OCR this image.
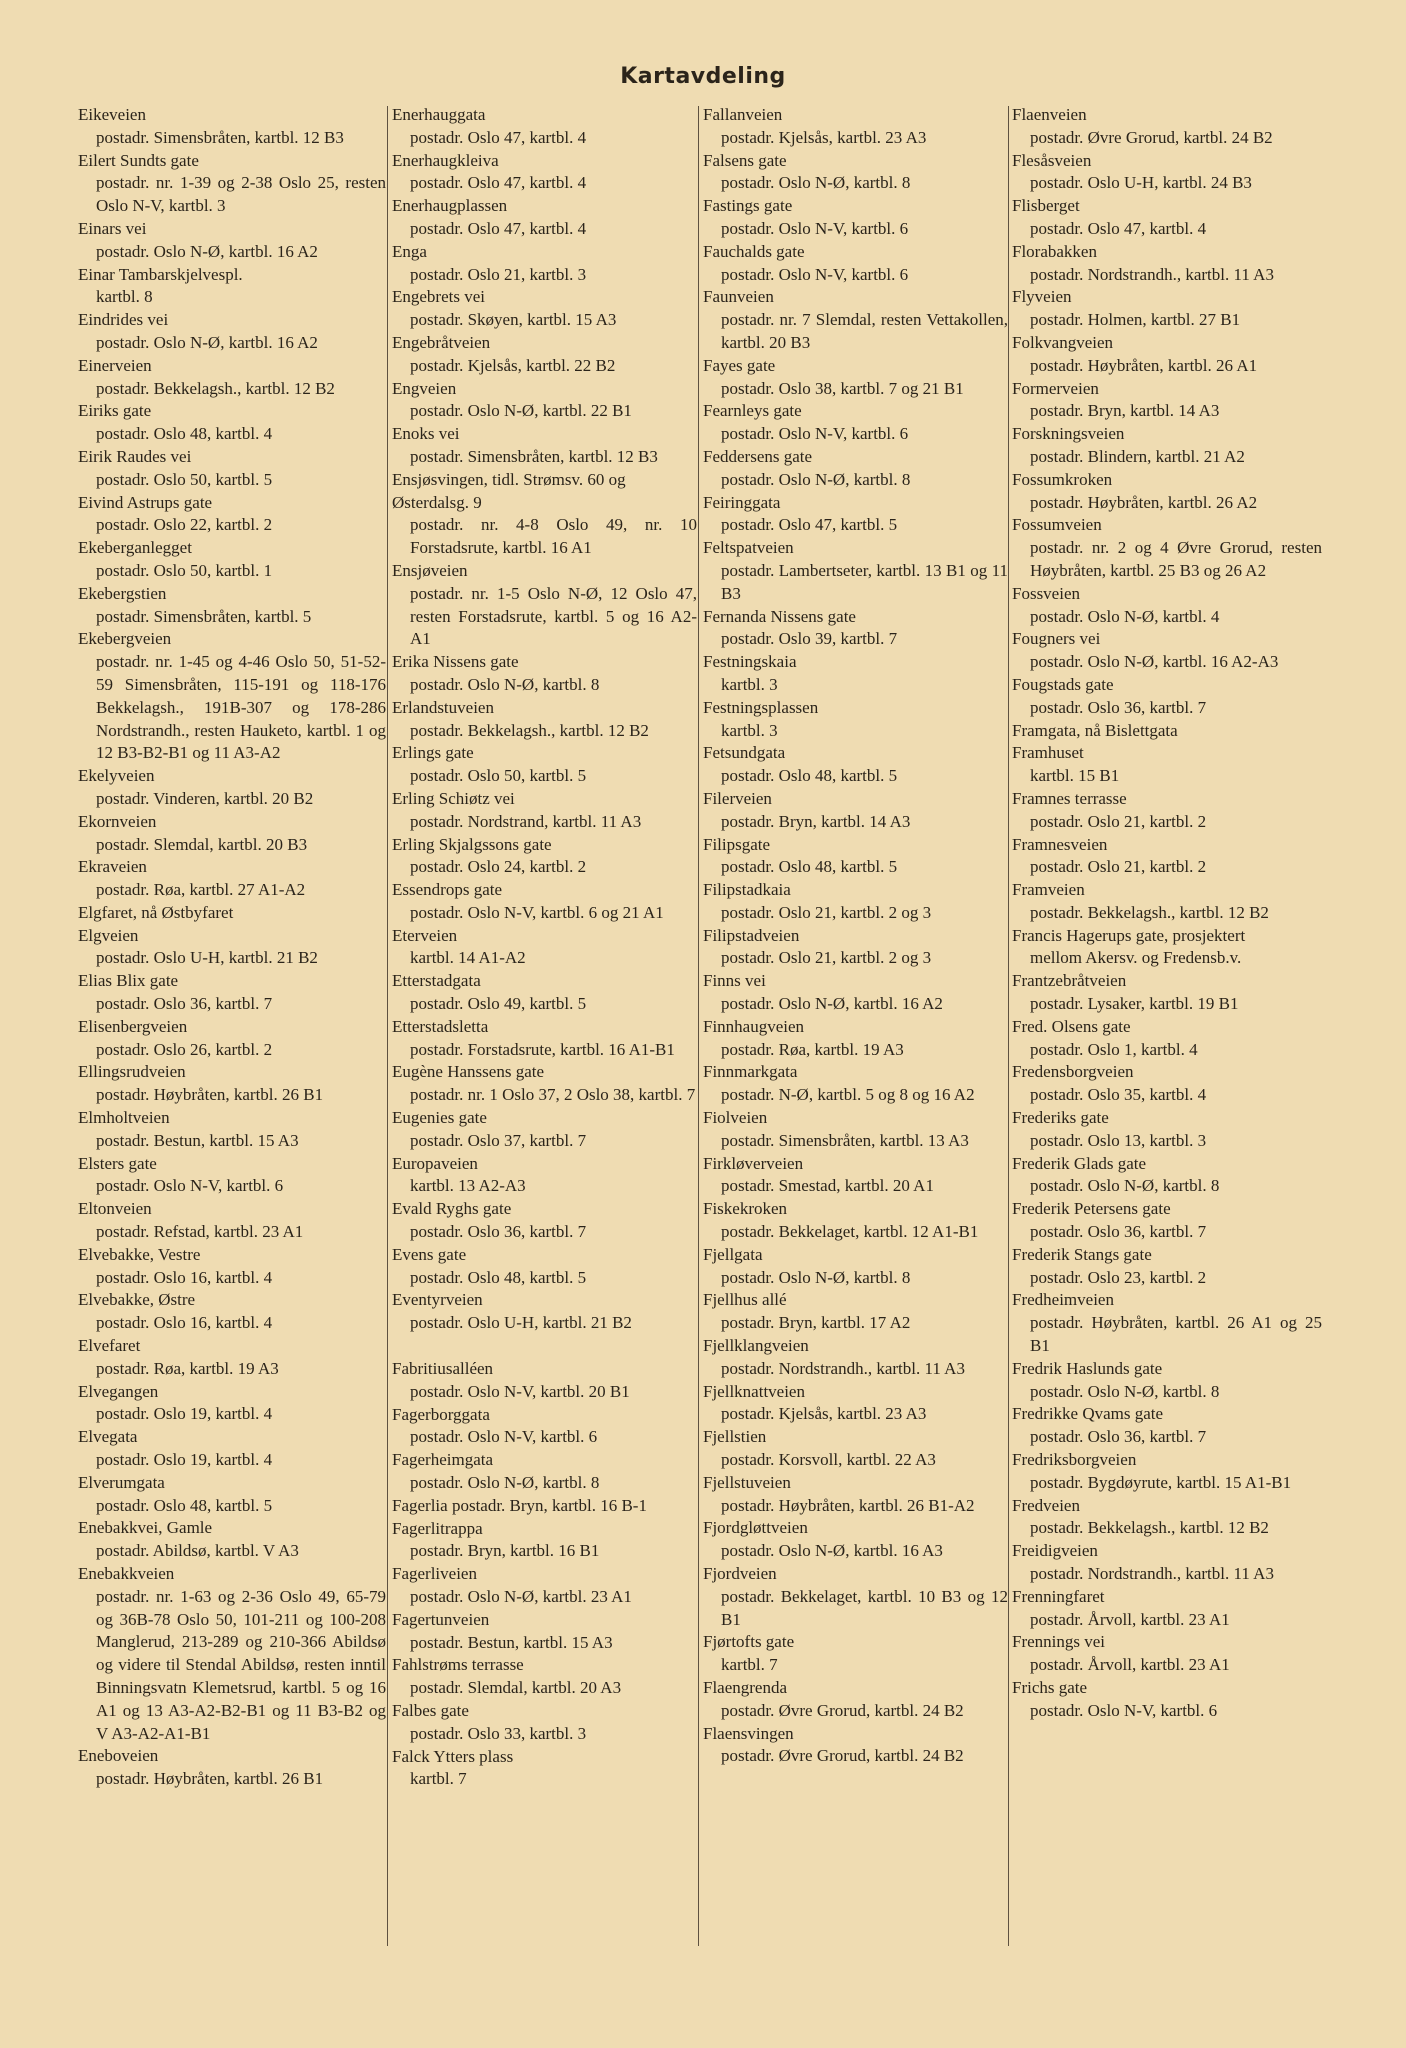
Kartavdeling
Eikeveien
postadr. Simensbråten, kartbl. 12 B3
Eilert Sundts gate
postadr. nr. 1-39 og 2-38 Oslo 25, resten Oslo N-V, kartbl. 3
Einars vei
postadr. Oslo N-Ø, kartbl. 16 A2
Einar Tambarskjelvespl.
kartbl. 8
Eindrides vei
postadr. Oslo N-Ø, kartbl. 16 A2
Einerveien
postadr. Bekkelagsh., kartbl. 12 B2
Eiriks gate
postadr. Oslo 48, kartbl. 4
Eirik Raudes vei
postadr. Oslo 50, kartbl. 5
Eivind Astrups gate
postadr. Oslo 22, kartbl. 2
Ekeberganlegget
postadr. Oslo 50, kartbl. 1
Ekebergstien
postadr. Simensbråten, kartbl. 5
Ekebergveien
postadr. nr. 1-45 og 4-46 Oslo 50, 51-52-59 Simensbråten, 115-191 og 118-176 Bekkelagsh., 191B-307 og 178-286 Nordstrandh., resten Hauketo, kartbl. 1 og 12 B3-B2-B1 og 11 A3-A2
Ekelyveien
postadr. Vinderen, kartbl. 20 B2
Ekornveien
postadr. Slemdal, kartbl. 20 B3
Ekraveien
postadr. Røa, kartbl. 27 A1-A2
Elgfaret, nå Østbyfaret
Elgveien
postadr. Oslo U-H, kartbl. 21 B2
Elias Blix gate
postadr. Oslo 36, kartbl. 7
Elisenbergveien
postadr. Oslo 26, kartbl. 2
Ellingsrudveien
postadr. Høybråten, kartbl. 26 B1
Elmholtveien
postadr. Bestun, kartbl. 15 A3
Elsters gate
postadr. Oslo N-V, kartbl. 6
Eltonveien
postadr. Refstad, kartbl. 23 A1
Elvebakke, Vestre
postadr. Oslo 16, kartbl. 4
Elvebakke, Østre
postadr. Oslo 16, kartbl. 4
Elvefaret
postadr. Røa, kartbl. 19 A3
Elvegangen
postadr. Oslo 19, kartbl. 4
Elvegata
postadr. Oslo 19, kartbl. 4
Elverumgata
postadr. Oslo 48, kartbl. 5
Enebakkvei, Gamle
postadr. Abildsø, kartbl. V A3
Enebakkveien
postadr. nr. 1-63 og 2-36 Oslo 49, 65-79 og 36B-78 Oslo 50, 101-211 og 100-208 Manglerud, 213-289 og 210-366 Abildsø og videre til Stendal Abildsø, resten inntil Binningsvatn Klemetsrud, kartbl. 5 og 16 A1 og 13 A3-A2-B2-B1 og 11 B3-B2 og V A3-A2-A1-B1
Eneboveien
postadr. Høybråten, kartbl. 26 B1
Enerhauggata
postadr. Oslo 47, kartbl. 4
Enerhaugkleiva
postadr. Oslo 47, kartbl. 4
Enerhaugplassen
postadr. Oslo 47, kartbl. 4
Enga
postadr. Oslo 21, kartbl. 3
Engebrets vei
postadr. Skøyen, kartbl. 15 A3
Engebråtveien
postadr. Kjelsås, kartbl. 22 B2
Engveien
postadr. Oslo N-Ø, kartbl. 22 B1
Enoks vei
postadr. Simensbråten, kartbl. 12 B3
Ensjøsvingen, tidl. Strømsv. 60 og Østerdalsg. 9
postadr. nr. 4-8 Oslo 49, nr. 10 Forstadsrute, kartbl. 16 A1
Ensjøveien
postadr. nr. 1-5 Oslo N-Ø, 12 Oslo 47, resten Forstadsrute, kartbl. 5 og 16 A2-A1
Erika Nissens gate
postadr. Oslo N-Ø, kartbl. 8
Erlandstuveien
postadr. Bekkelagsh., kartbl. 12 B2
Erlings gate
postadr. Oslo 50, kartbl. 5
Erling Schiøtz vei
postadr. Nordstrand, kartbl. 11 A3
Erling Skjalgssons gate
postadr. Oslo 24, kartbl. 2
Essendrops gate
postadr. Oslo N-V, kartbl. 6 og 21 A1
Eterveien
kartbl. 14 A1-A2
Etterstadgata
postadr. Oslo 49, kartbl. 5
Etterstadsletta
postadr. Forstadsrute, kartbl. 16 A1-B1
Eugène Hanssens gate
postadr. nr. 1 Oslo 37, 2 Oslo 38, kartbl. 7
Eugenies gate
postadr. Oslo 37, kartbl. 7
Europaveien
kartbl. 13 A2-A3
Evald Ryghs gate
postadr. Oslo 36, kartbl. 7
Evens gate
postadr. Oslo 48, kartbl. 5
Eventyrveien
postadr. Oslo U-H, kartbl. 21 B2
Fabritiusalléen
postadr. Oslo N-V, kartbl. 20 B1
Fagerborggata
postadr. Oslo N-V, kartbl. 6
Fagerheimgata
postadr. Oslo N-Ø, kartbl. 8
Fagerlia postadr. Bryn, kartbl. 16 B-1
Fagerlitrappa
postadr. Bryn, kartbl. 16 B1
Fagerliveien
postadr. Oslo N-Ø, kartbl. 23 A1
Fagertunveien
postadr. Bestun, kartbl. 15 A3
Fahlstrøms terrasse
postadr. Slemdal, kartbl. 20 A3
Falbes gate
postadr. Oslo 33, kartbl. 3
Falck Ytters plass
kartbl. 7
Fallanveien
postadr. Kjelsås, kartbl. 23 A3
Falsens gate
postadr. Oslo N-Ø, kartbl. 8
Fastings gate
postadr. Oslo N-V, kartbl. 6
Fauchalds gate
postadr. Oslo N-V, kartbl. 6
Faunveien
postadr. nr. 7 Slemdal, resten Vettakollen, kartbl. 20 B3
Fayes gate
postadr. Oslo 38, kartbl. 7 og 21 B1
Fearnleys gate
postadr. Oslo N-V, kartbl. 6
Feddersens gate
postadr. Oslo N-Ø, kartbl. 8
Feiringgata
postadr. Oslo 47, kartbl. 5
Feltspatveien
postadr. Lambertseter, kartbl. 13 B1 og 11 B3
Fernanda Nissens gate
postadr. Oslo 39, kartbl. 7
Festningskaia
kartbl. 3
Festningsplassen
kartbl. 3
Fetsundgata
postadr. Oslo 48, kartbl. 5
Filerveien
postadr. Bryn, kartbl. 14 A3
Filipsgate
postadr. Oslo 48, kartbl. 5
Filipstadkaia
postadr. Oslo 21, kartbl. 2 og 3
Filipstadveien
postadr. Oslo 21, kartbl. 2 og 3
Finns vei
postadr. Oslo N-Ø, kartbl. 16 A2
Finnhaugveien
postadr. Røa, kartbl. 19 A3
Finnmarkgata
postadr. N-Ø, kartbl. 5 og 8 og 16 A2
Fiolveien
postadr. Simensbråten, kartbl. 13 A3
Firkløverveien
postadr. Smestad, kartbl. 20 A1
Fiskekroken
postadr. Bekkelaget, kartbl. 12 A1-B1
Fjellgata
postadr. Oslo N-Ø, kartbl. 8
Fjellhus allé
postadr. Bryn, kartbl. 17 A2
Fjellklangveien
postadr. Nordstrandh., kartbl. 11 A3
Fjellknattveien
postadr. Kjelsås, kartbl. 23 A3
Fjellstien
postadr. Korsvoll, kartbl. 22 A3
Fjellstuveien
postadr. Høybråten, kartbl. 26 B1-A2
Fjordgløttveien
postadr. Oslo N-Ø, kartbl. 16 A3
Fjordveien
postadr. Bekkelaget, kartbl. 10 B3 og 12 B1
Fjørtofts gate
kartbl. 7
Flaengrenda
postadr. Øvre Grorud, kartbl. 24 B2
Flaensvingen
postadr. Øvre Grorud, kartbl. 24 B2
Flaenveien
postadr. Øvre Grorud, kartbl. 24 B2
Flesåsveien
postadr. Oslo U-H, kartbl. 24 B3
Flisberget
postadr. Oslo 47, kartbl. 4
Florabakken
postadr. Nordstrandh., kartbl. 11 A3
Flyveien
postadr. Holmen, kartbl. 27 B1
Folkvangveien
postadr. Høybråten, kartbl. 26 A1
Formerveien
postadr. Bryn, kartbl. 14 A3
Forskningsveien
postadr. Blindern, kartbl. 21 A2
Fossumkroken
postadr. Høybråten, kartbl. 26 A2
Fossumveien
postadr. nr. 2 og 4 Øvre Grorud, resten Høybråten, kartbl. 25 B3 og 26 A2
Fossveien
postadr. Oslo N-Ø, kartbl. 4
Fougners vei
postadr. Oslo N-Ø, kartbl. 16 A2-A3
Fougstads gate
postadr. Oslo 36, kartbl. 7
Framgata, nå Bislettgata
Framhuset
kartbl. 15 B1
Framnes terrasse
postadr. Oslo 21, kartbl. 2
Framnesveien
postadr. Oslo 21, kartbl. 2
Framveien
postadr. Bekkelagsh., kartbl. 12 B2
Francis Hagerups gate, prosjektert
mellom Akersv. og Fredensb.v.
Frantzebråtveien
postadr. Lysaker, kartbl. 19 B1
Fred. Olsens gate
postadr. Oslo 1, kartbl. 4
Fredensborgveien
postadr. Oslo 35, kartbl. 4
Frederiks gate
postadr. Oslo 13, kartbl. 3
Frederik Glads gate
postadr. Oslo N-Ø, kartbl. 8
Frederik Petersens gate
postadr. Oslo 36, kartbl. 7
Frederik Stangs gate
postadr. Oslo 23, kartbl. 2
Fredheimveien
postadr. Høybråten, kartbl. 26 A1 og 25 B1
Fredrik Haslunds gate
postadr. Oslo N-Ø, kartbl. 8
Fredrikke Qvams gate
postadr. Oslo 36, kartbl. 7
Fredriksborgveien
postadr. Bygdøyrute, kartbl. 15 A1-B1
Fredveien
postadr. Bekkelagsh., kartbl. 12 B2
Freidigveien
postadr. Nordstrandh., kartbl. 11 A3
Frenningfaret
postadr. Årvoll, kartbl. 23 A1
Frennings vei
postadr. Årvoll, kartbl. 23 A1
Frichs gate
postadr. Oslo N-V, kartbl. 6
